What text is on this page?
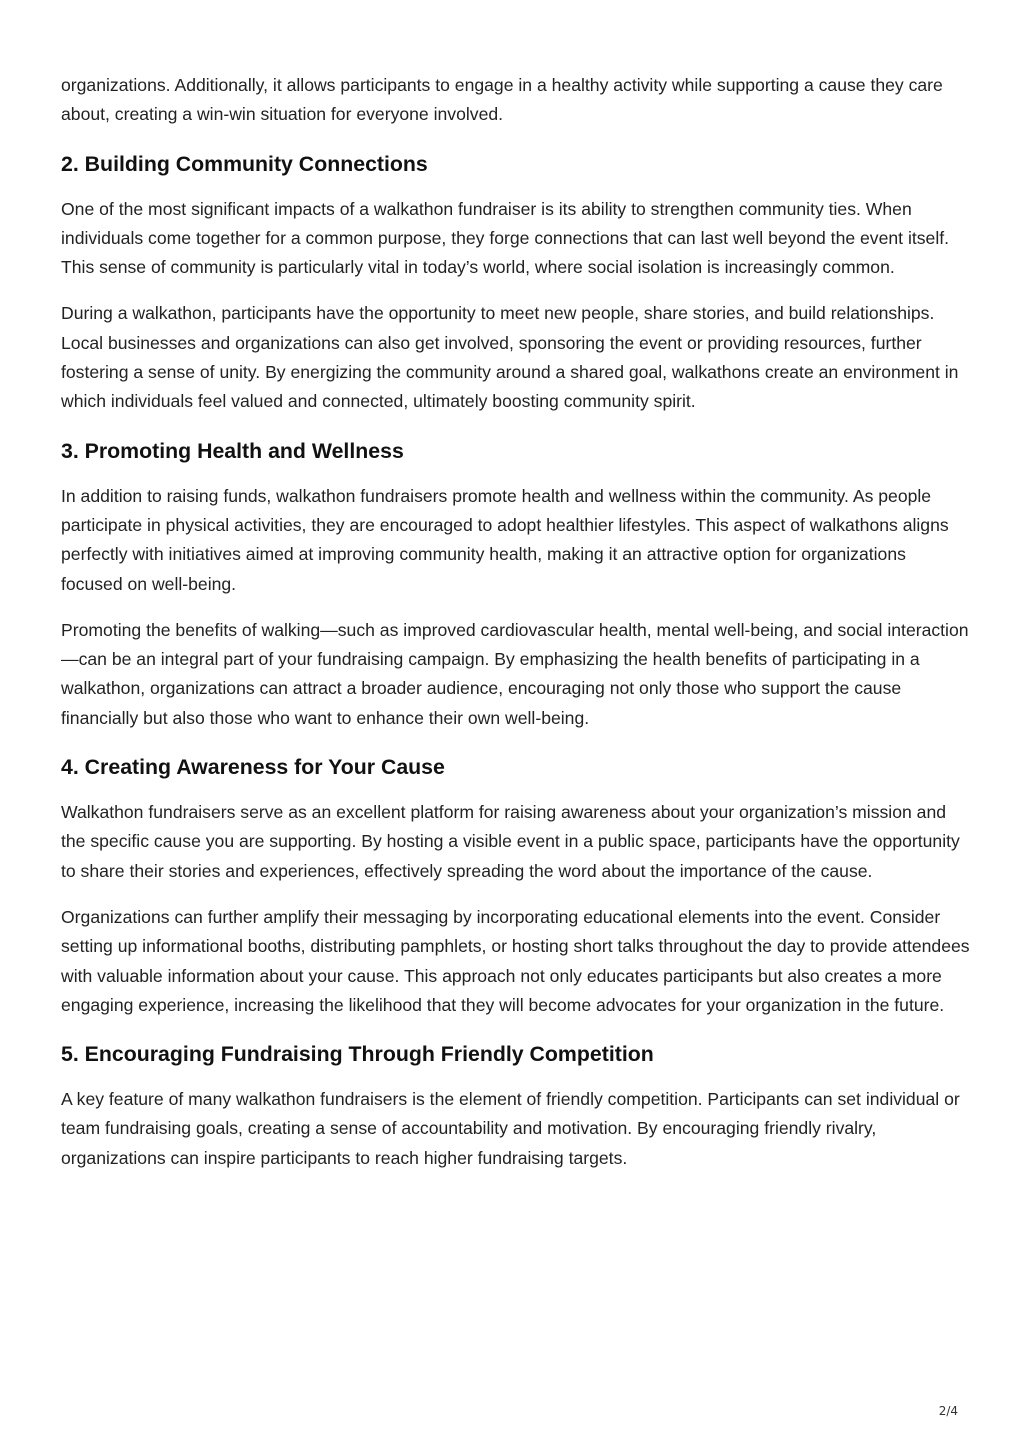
organizations. Additionally, it allows participants to engage in a healthy activity while supporting a cause they care about, creating a win-win situation for everyone involved.

2. Building Community Connections

One of the most significant impacts of a walkathon fundraiser is its ability to strengthen community ties. When individuals come together for a common purpose, they forge connections that can last well beyond the event itself. This sense of community is particularly vital in today’s world, where social isolation is increasingly common.

During a walkathon, participants have the opportunity to meet new people, share stories, and build relationships. Local businesses and organizations can also get involved, sponsoring the event or providing resources, further fostering a sense of unity. By energizing the community around a shared goal, walkathons create an environment in which individuals feel valued and connected, ultimately boosting community spirit.

3. Promoting Health and Wellness

In addition to raising funds, walkathon fundraisers promote health and wellness within the community. As people participate in physical activities, they are encouraged to adopt healthier lifestyles. This aspect of walkathons aligns perfectly with initiatives aimed at improving community health, making it an attractive option for organizations focused on well-being.

Promoting the benefits of walking—such as improved cardiovascular health, mental well-being, and social interaction—can be an integral part of your fundraising campaign. By emphasizing the health benefits of participating in a walkathon, organizations can attract a broader audience, encouraging not only those who support the cause financially but also those who want to enhance their own well-being.

4. Creating Awareness for Your Cause

Walkathon fundraisers serve as an excellent platform for raising awareness about your organization’s mission and the specific cause you are supporting. By hosting a visible event in a public space, participants have the opportunity to share their stories and experiences, effectively spreading the word about the importance of the cause.

Organizations can further amplify their messaging by incorporating educational elements into the event. Consider setting up informational booths, distributing pamphlets, or hosting short talks throughout the day to provide attendees with valuable information about your cause. This approach not only educates participants but also creates a more engaging experience, increasing the likelihood that they will become advocates for your organization in the future.

5. Encouraging Fundraising Through Friendly Competition

A key feature of many walkathon fundraisers is the element of friendly competition. Participants can set individual or team fundraising goals, creating a sense of accountability and motivation. By encouraging friendly rivalry, organizations can inspire participants to reach higher fundraising targets.

2/4
